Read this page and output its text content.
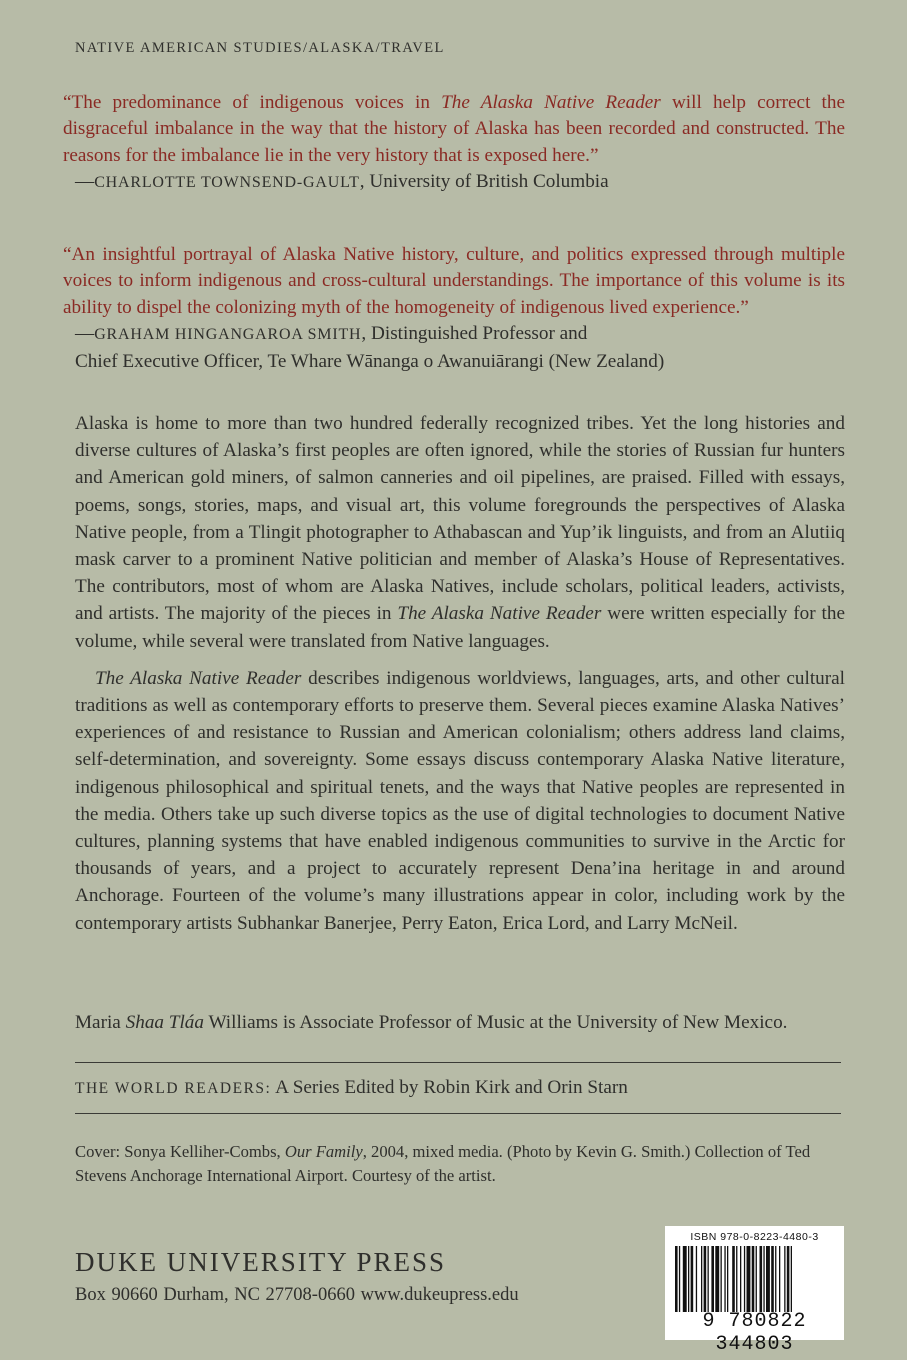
NATIVE AMERICAN STUDIES/ALASKA/TRAVEL
“The predominance of indigenous voices in The Alaska Native Reader will help correct the disgraceful imbalance in the way that the history of Alaska has been recorded and constructed. The reasons for the imbalance lie in the very history that is exposed here.”
—CHARLOTTE TOWNSEND-GAULT, University of British Columbia
“An insightful portrayal of Alaska Native history, culture, and politics expressed through multiple voices to inform indigenous and cross-cultural understandings. The importance of this volume is its ability to dispel the colonizing myth of the homogeneity of indigenous lived experience.”
—GRAHAM HINGANGAROA SMITH, Distinguished Professor and
Chief Executive Officer, Te Whare Wānanga o Awanuiārangi (New Zealand)

Alaska is home to more than two hundred federally recognized tribes. Yet the long histories and diverse cultures of Alaska’s first peoples are often ignored, while the stories of Russian fur hunters and American gold miners, of salmon canneries and oil pipelines, are praised. Filled with essays, poems, songs, stories, maps, and visual art, this volume foregrounds the perspectives of Alaska Native people, from a Tlingit photographer to Athabascan and Yup’ik linguists, and from an Alutiiq mask carver to a prominent Native politician and member of Alaska’s House of Representatives. The contributors, most of whom are Alaska Natives, include scholars, political leaders, activists, and artists. The majority of the pieces in The Alaska Native Reader were written especially for the volume, while several were translated from Native languages.

The Alaska Native Reader describes indigenous worldviews, languages, arts, and other cultural traditions as well as contemporary efforts to preserve them. Several pieces examine Alaska Natives’ experiences of and resistance to Russian and American colonialism; others address land claims, self-determination, and sovereignty. Some essays discuss contemporary Alaska Native literature, indigenous philosophical and spiritual tenets, and the ways that Native peoples are represented in the media. Others take up such diverse topics as the use of digital technologies to document Native cultures, planning systems that have enabled indigenous communities to survive in the Arctic for thousands of years, and a project to accurately represent Dena’ina heritage in and around Anchorage. Fourteen of the volume’s many illustrations appear in color, including work by the contemporary artists Subhankar Banerjee, Perry Eaton, Erica Lord, and Larry McNeil.

Maria Shaa Tláa Williams is Associate Professor of Music at the University of New Mexico.
THE WORLD READERS: A Series Edited by Robin Kirk and Orin Starn
Cover: Sonya Kelliher-Combs, Our Family, 2004, mixed media. (Photo by Kevin G. Smith.) Collection of Ted Stevens Anchorage International Airport. Courtesy of the artist.
DUKE UNIVERSITY PRESS
Box 90660 Durham, NC 27708-0660 www.dukeupress.edu
ISBN 978-0-8223-4480-3
9 780822 344803
